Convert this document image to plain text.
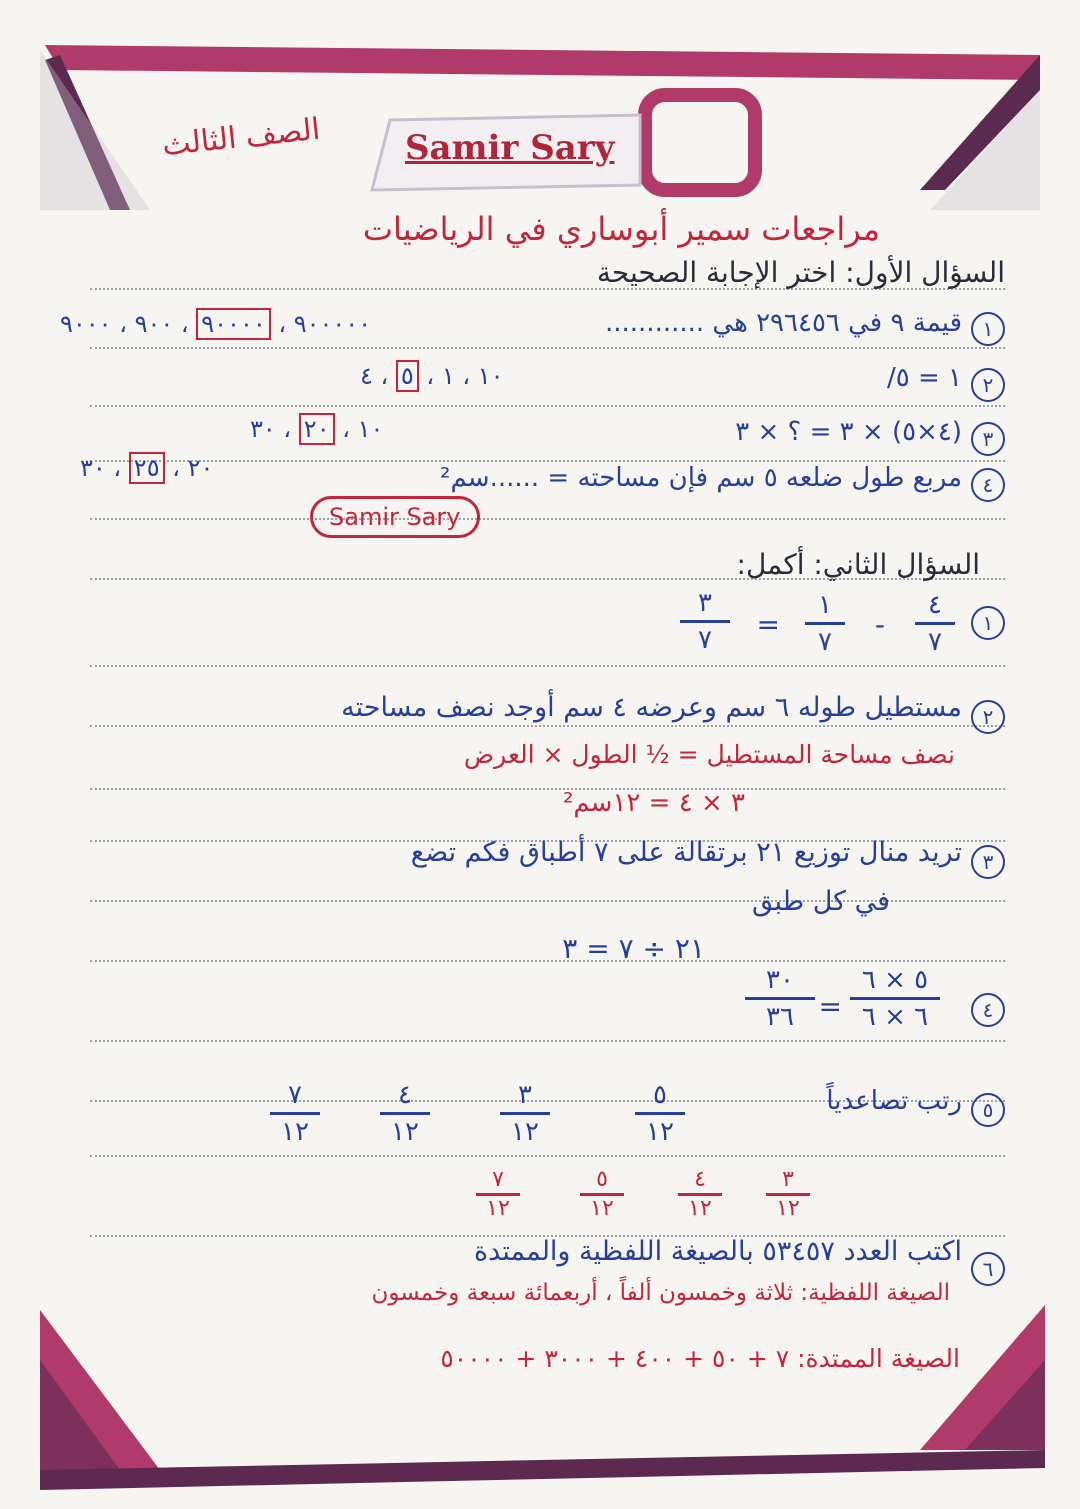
Samir Sary
الصف الثالث
مراجعات سمير أبوساري في الرياضيات
السؤال الأول: اختر الإجابة الصحيحة
١
قيمة ٩ في ٢٩٦٤٥٦ هي ............
٩٠٠٠٠٠ ، ٩٠٠٠٠ ، ٩٠٠ ، ٩٠٠٠
٢
١ = ٥/
١٠ ، ١ ، ٥ ، ٤
٣
(٤×٥) × ٣ = ؟ × ٣
١٠ ، ٢٠ ، ٣٠
٤
مربع طول ضلعه ٥ سم فإن مساحته = ......سم²
٢٠ ، ٢٥ ، ٣٠
Samir Sary
السؤال الثاني: أكمل:
١
٤
٧
-
١
٧
=
٣
٧
٢
مستطيل طوله ٦ سم وعرضه ٤ سم أوجد نصف مساحته
نصف مساحة المستطيل = ½ الطول × العرض
٣ × ٤ = ١٢سم²
٣
تريد منال توزيع ٢١ برتقالة على ٧ أطباق فكم تضع
في كل طبق
٢١ ÷ ٧ = ٣
٤
٥ × ٦
٦ × ٦
=
٣٠
٣٦
٥
رتب تصاعدياً
٥
١٢
٣
١٢
٤
١٢
٧
١٢
٣
١٢
٤
١٢
٥
١٢
٧
١٢
٦
اكتب العدد ٥٣٤٥٧ بالصيغة اللفظية والممتدة
الصيغة اللفظية: ثلاثة وخمسون ألفاً ، أربعمائة سبعة وخمسون
الصيغة الممتدة: ٧ + ٥٠ + ٤٠٠ + ٣٠٠٠ + ٥٠٠٠٠
